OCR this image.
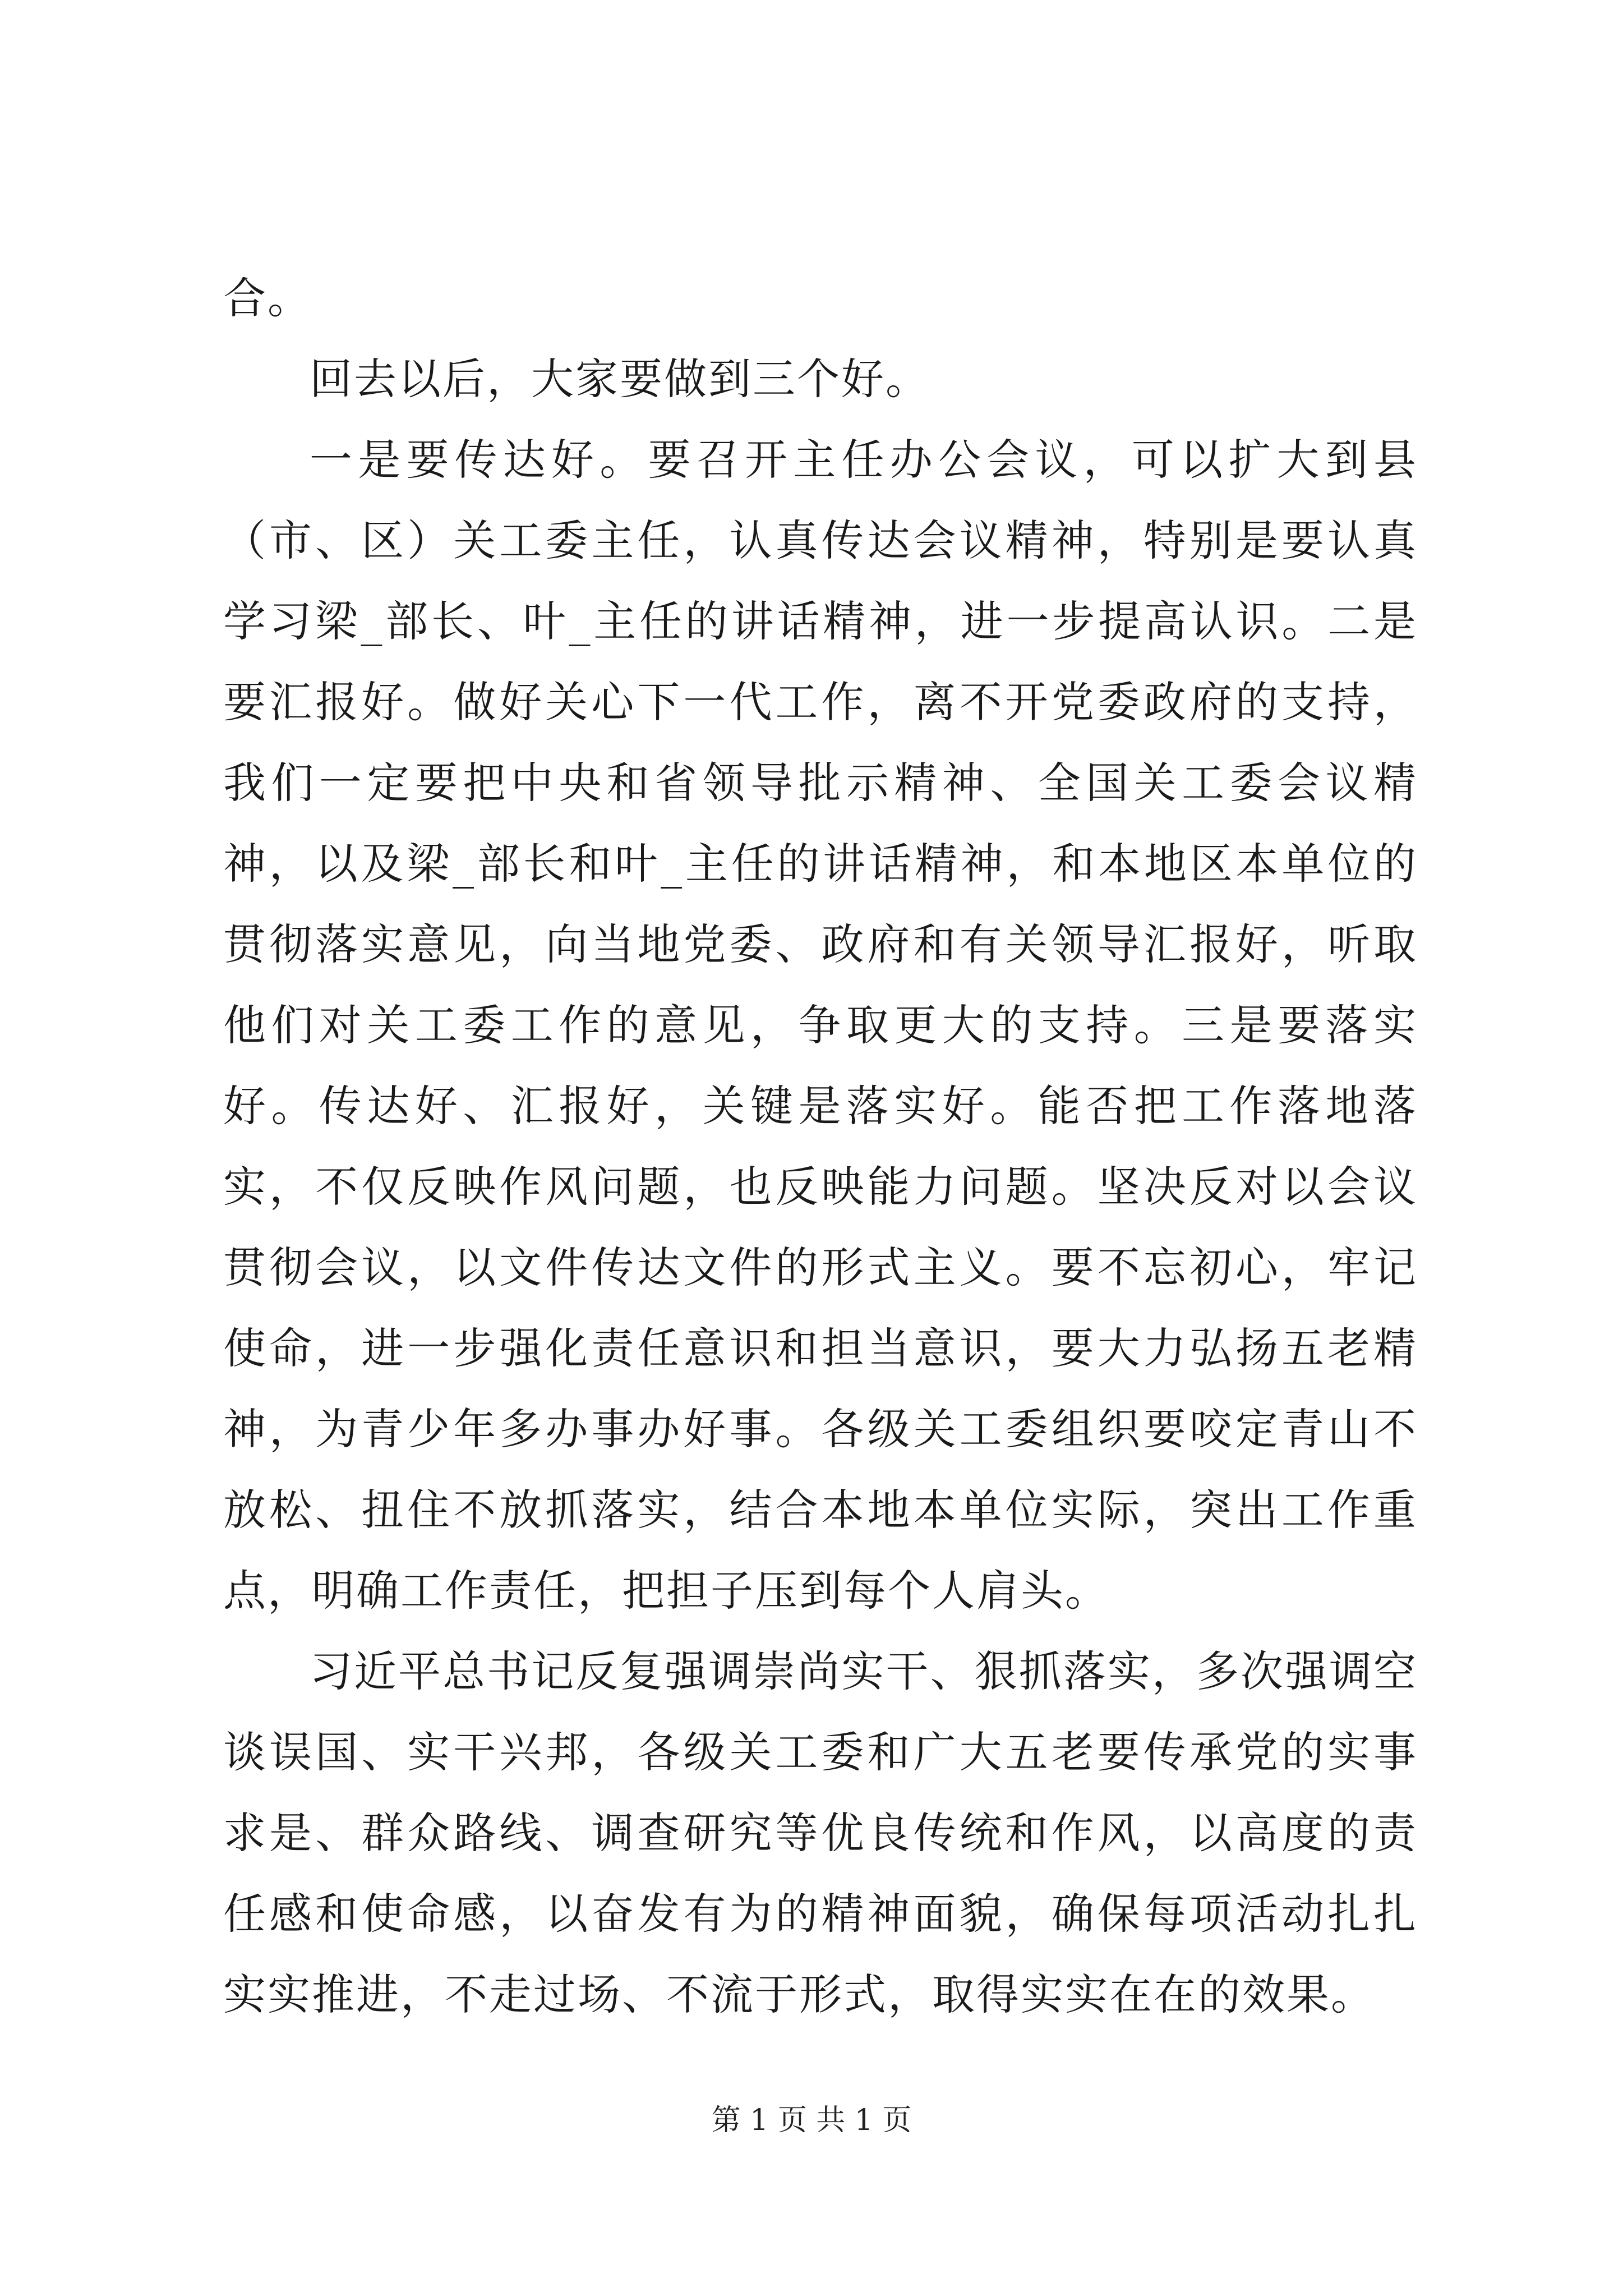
合。

回去以后，大家要做到三个好。

一是要传达好。要召开主任办公会议，可以扩大到县（市、区）关工委主任，认真传达会议精神，特别是要认真学习梁_部长、叶_主任的讲话精神，进一步提高认识。二是要汇报好。做好关心下一代工作，离不开党委政府的支持，我们一定要把中央和省领导批示精神、全国关工委会议精神，以及梁_部长和叶_主任的讲话精神，和本地区本单位的贯彻落实意见，向当地党委、政府和有关领导汇报好，听取他们对关工委工作的意见，争取更大的支持。三是要落实好。传达好、汇报好，关键是落实好。能否把工作落地落实，不仅反映作风问题，也反映能力问题。坚决反对以会议贯彻会议，以文件传达文件的形式主义。要不忘初心，牢记使命，进一步强化责任意识和担当意识，要大力弘扬五老精神，为青少年多办事办好事。各级关工委组织要咬定青山不放松、扭住不放抓落实，结合本地本单位实际，突出工作重点，明确工作责任，把担子压到每个人肩头。

习近平总书记反复强调崇尚实干、狠抓落实，多次强调空谈误国、实干兴邦，各级关工委和广大五老要传承党的实事求是、群众路线、调查研究等优良传统和作风，以高度的责任感和使命感，以奋发有为的精神面貌，确保每项活动扎扎实实推进，不走过场、不流于形式，取得实实在在的效果。

第 1 页 共 1 页
